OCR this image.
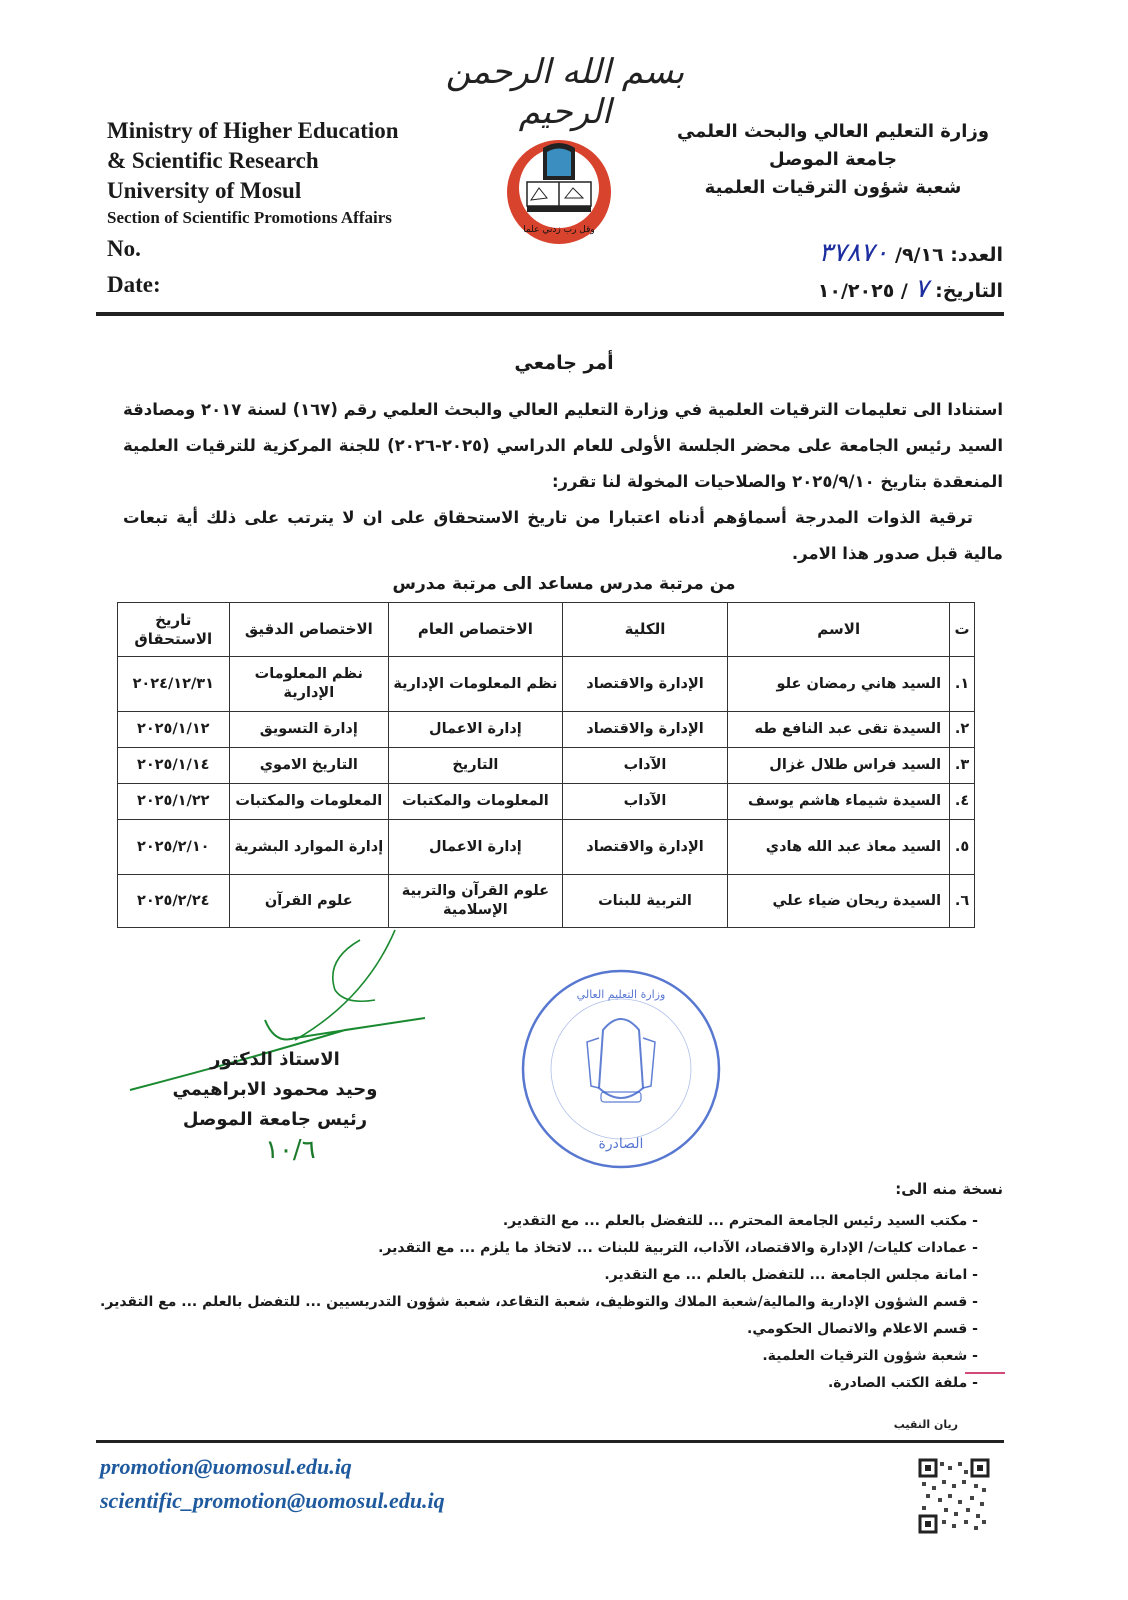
بسم الله الرحمن الرحيم
Ministry of Higher Education
& Scientific Research
University of Mosul
Section of Scientific Promotions Affairs
No.
Date:
وقل رب زدني علما
وزارة التعليم العالي والبحث العلمي
جامعة الموصل
شعبة شؤون الترقيات العلمية
العدد: ٩/١٦/ ٣٧٨٧٠
التاريخ: ٧ / ١٠/٢٠٢٥
أمر جامعي
استنادا الى تعليمات الترقيات العلمية في وزارة التعليم العالي والبحث العلمي رقم (١٦٧) لسنة ٢٠١٧ ومصادقة السيد رئيس الجامعة على محضر الجلسة الأولى للعام الدراسي (٢٠٢٥-٢٠٢٦) للجنة المركزية للترقيات العلمية المنعقدة بتاريخ ٢٠٢٥/٩/١٠ والصلاحيات المخولة لنا تقرر:
ترقية الذوات المدرجة أسماؤهم أدناه اعتبارا من تاريخ الاستحقاق على ان لا يترتب على ذلك أية تبعات مالية قبل صدور هذا الامر.
من مرتبة مدرس مساعد الى مرتبة مدرس
ت	الاسم	الكلية	الاختصاص العام	الاختصاص الدقيق	تاريخ الاستحقاق
١.	السيد هاني رمضان علو	الإدارة والاقتصاد	نظم المعلومات الإدارية	نظم المعلومات الإدارية	٢٠٢٤/١٢/٣١
٢.	السيدة تقى عبد النافع طه	الإدارة والاقتصاد	إدارة الاعمال	إدارة التسويق	٢٠٢٥/١/١٢
٣.	السيد فراس طلال غزال	الآداب	التاريخ	التاريخ الاموي	٢٠٢٥/١/١٤
٤.	السيدة شيماء هاشم يوسف	الآداب	المعلومات والمكتبات	المعلومات والمكتبات	٢٠٢٥/١/٢٢
٥.	السيد معاذ عبد الله هادي	الإدارة والاقتصاد	إدارة الاعمال	إدارة الموارد البشرية	٢٠٢٥/٢/١٠
٦.	السيدة ريحان ضياء علي	التربية للبنات	علوم القرآن والتربية الإسلامية	علوم القرآن	٢٠٢٥/٢/٢٤
الاستاذ الدكتور
وحيد محمود الابراهيمي
رئيس جامعة الموصل
١٠/٦	الصادرة
وزارة التعليم العالي
نسخة منه الى:
- مكتب السيد رئيس الجامعة المحترم ... للتفضل بالعلم ... مع التقدير.
- عمادات كليات/ الإدارة والاقتصاد، الآداب، التربية للبنات ... لاتخاذ ما يلزم ... مع التقدير.
- امانة مجلس الجامعة ... للتفضل بالعلم ... مع التقدير.
- قسم الشؤون الإدارية والمالية/شعبة الملاك والتوظيف، شعبة التقاعد، شعبة شؤون التدريسيين ... للتفضل بالعلم ... مع التقدير.
- قسم الاعلام والاتصال الحكومي.
- شعبة شؤون الترقيات العلمية.
- ملفة الكتب الصادرة.
ريان النقيب
promotion@uomosul.edu.iq
scientific_promotion@uomosul.edu.iq
